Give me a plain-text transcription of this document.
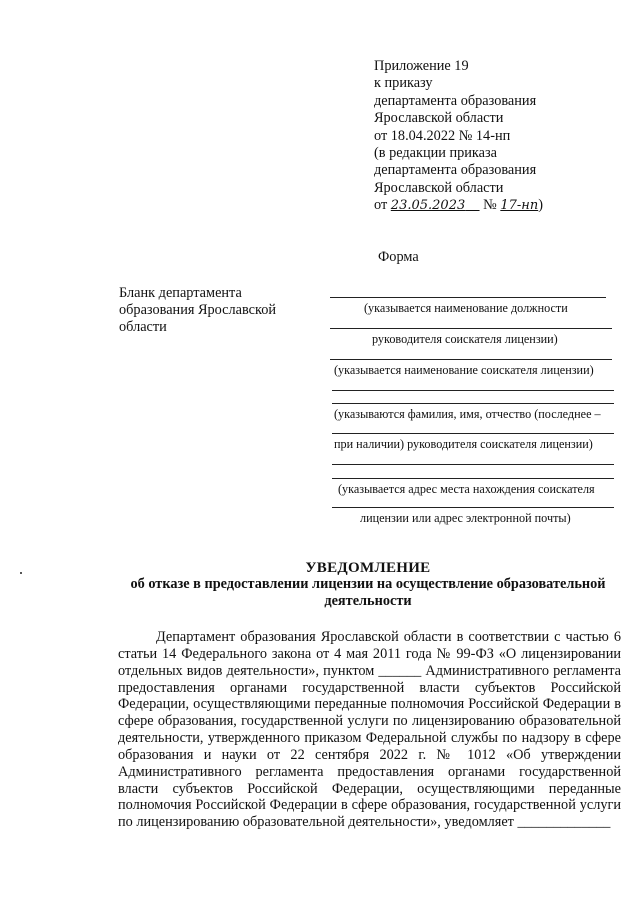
Приложение 19
к приказу
департамента образования
Ярославской области
от 18.04.2022 № 14-нп
(в редакции приказа
департамента образования
Ярославской области
от 23.05.2023     № 17-нп)
Форма
Бланк департамента образования Ярославской области
(указывается наименование должности
руководителя соискателя лицензии)
(указывается наименование соискателя лицензии)
(указываются фамилия, имя, отчество (последнее –
при наличии) руководителя соискателя лицензии)
(указывается адрес места нахождения соискателя
лицензии или адрес электронной почты)
УВЕДОМЛЕНИЕ
об отказе в предоставлении лицензии на осуществление образовательной деятельности
Департамент образования Ярославской области в соответствии с частью 6 статьи 14 Федерального закона от 4 мая 2011 года № 99-ФЗ «О лицензировании отдельных видов деятельности», пунктом ______ Административного регламента предоставления органами государственной власти субъектов Российской Федерации, осуществляющими переданные полномочия Российской Федерации в сфере образования, государственной услуги по лицензированию образовательной деятельности, утвержденного приказом Федеральной службы по надзору в сфере образования и науки от 22 сентября 2022 г. № 1012 «Об утверждении Административного регламента предоставления органами государственной власти субъектов Российской Федерации, осуществляющими переданные полномочия Российской Федерации в сфере образования, государственной услуги по лицензированию образовательной деятельности», уведомляет _____________
